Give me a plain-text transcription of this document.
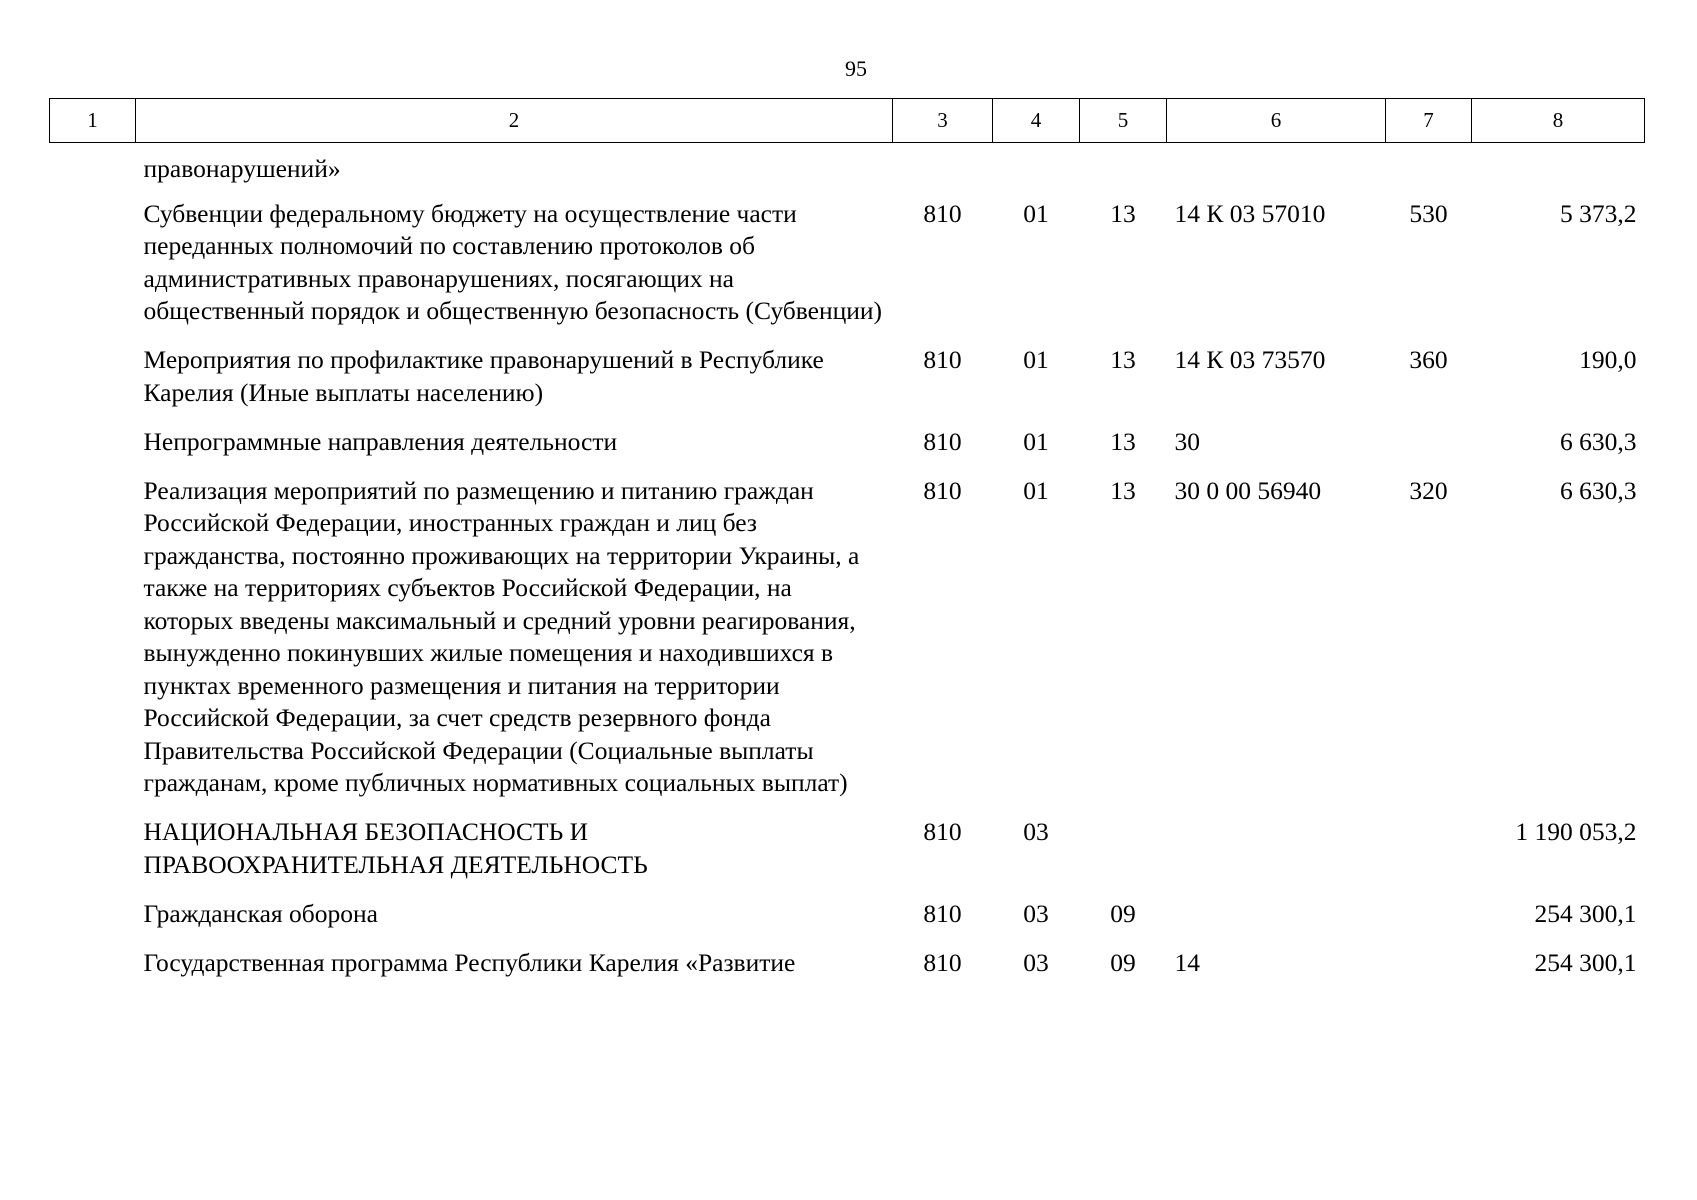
95
1	2	3	4	5	6	7	8
	правонарушений»						
	Субвенции федеральному бюджету на осуществление части переданных полномочий по составлению протоколов об административных правонарушениях, посягающих на общественный порядок и общественную безопасность (Субвенции)	810	01	13	14 К 03 57010	530	5 373,2
	Мероприятия по профилактике правонарушений в Республике Карелия (Иные выплаты населению)	810	01	13	14 К 03 73570	360	190,0
	Непрограммные направления деятельности	810	01	13	30		6 630,3
	Реализация мероприятий по размещению и питанию граждан Российской Федерации, иностранных граждан и лиц без гражданства, постоянно проживающих на территории Украины, а также на территориях субъектов Российской Федерации, на которых введены максимальный и средний уровни реагирования, вынужденно покинувших жилые помещения и находившихся в пунктах временного размещения и питания на территории Российской Федерации, за счет средств резервного фонда Правительства Российской Федерации (Социальные выплаты гражданам, кроме публичных нормативных социальных выплат)	810	01	13	30 0 00 56940	320	6 630,3
	НАЦИОНАЛЬНАЯ БЕЗОПАСНОСТЬ И ПРАВООХРАНИТЕЛЬНАЯ ДЕЯТЕЛЬНОСТЬ	810	03				1 190 053,2
	Гражданская оборона	810	03	09			254 300,1
	Государственная программа Республики Карелия «Развитие	810	03	09	14		254 300,1
